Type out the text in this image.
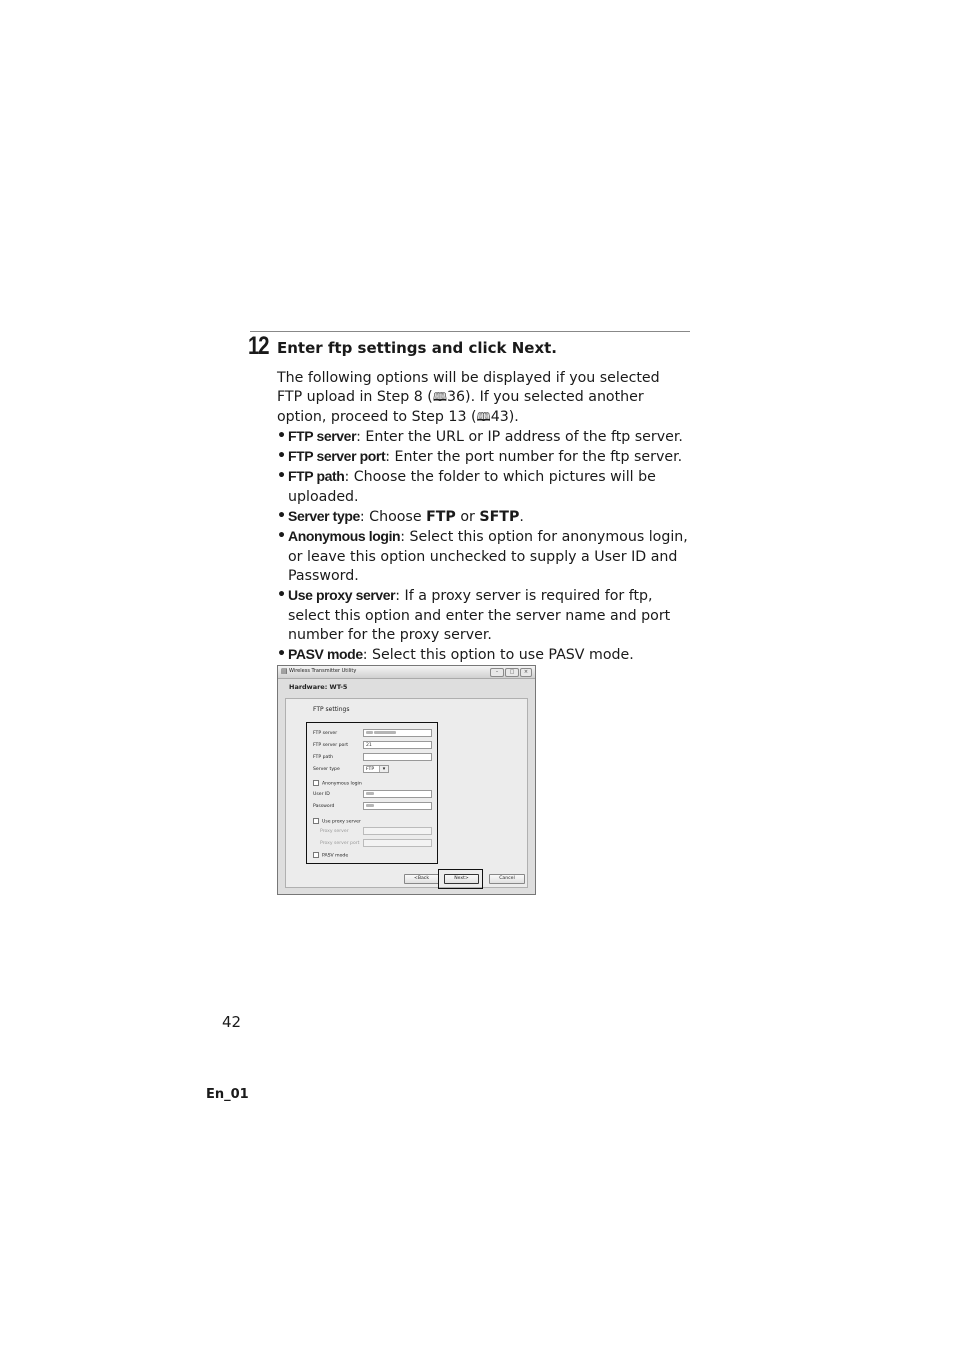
12 Enter ftp settings and click Next.

The following options will be displayed if you selected FTP upload in Step 8 (🕮36). If you selected another option, proceed to Step 13 (🕮43).

• FTP server: Enter the URL or IP address of the ftp server.
• FTP server port: Enter the port number for the ftp server.
• FTP path: Choose the folder to which pictures will be uploaded.
• Server type: Choose FTP or SFTP.
• Anonymous login: Select this option for anonymous login, or leave this option unchecked to supply a User ID and Password.
• Use proxy server: If a proxy server is required for ftp, select this option and enter the server name and port number for the proxy server.
• PASV mode: Select this option to use PASV mode.
▤ Wireless Transmitter Utility	–	□	×
Hardware: WT-5
FTP settings
FTP server

FTP server port	21
FTP path
Server type	FTP	▾
Anonymous login
User ID
Password
Use proxy server
Proxy server
Proxy server port
PASV mode
<Back	Next>	Cancel
42
En_01
